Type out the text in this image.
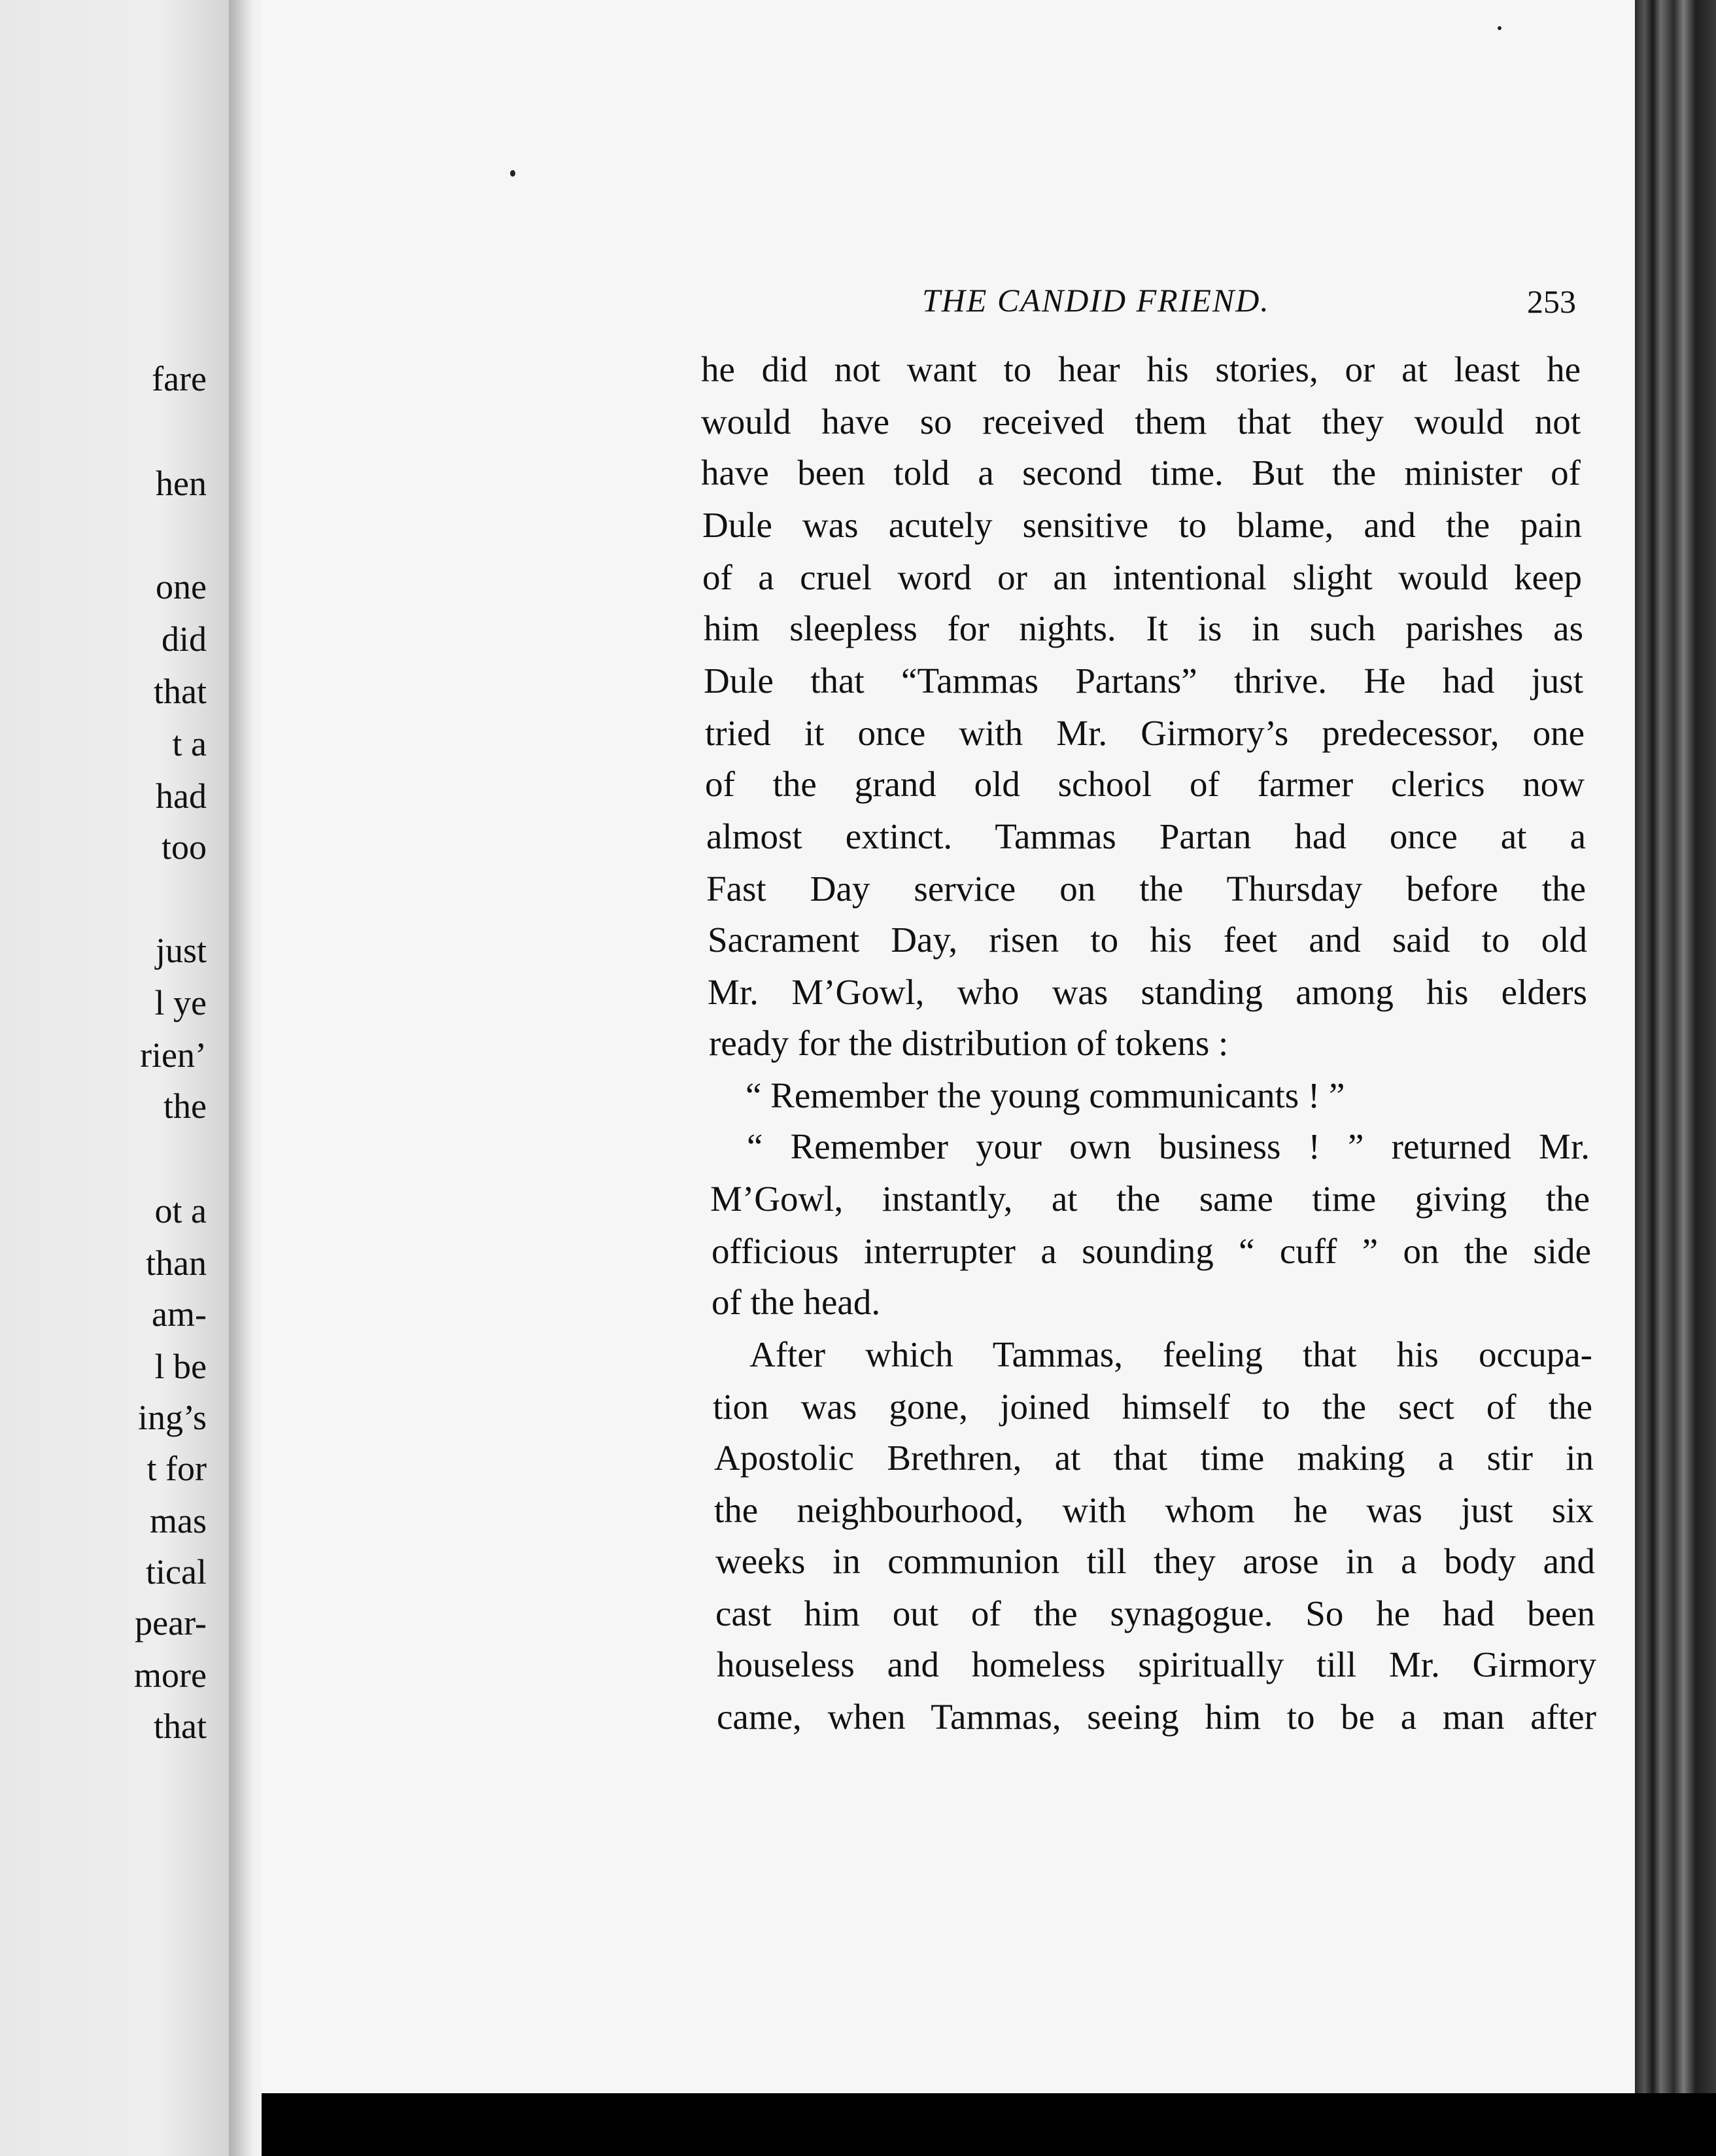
fare
hen
one
did
that
t a
had
too
just
l ye
rien’
the
ot a
than
am-
l be
ing’s
t for
mas
tical
pear-
more
that
THE CANDID FRIEND.	253
he did not want to hear his stories, or at least he
would have so received them that they would not
have been told a second time. But the minister of
Dule was acutely sensitive to blame, and the pain
of a cruel word or an intentional slight would keep
him sleepless for nights. It is in such parishes as
Dule that “Tammas Partans” thrive. He had just
tried it once with Mr. Girmory’s predecessor, one
of the grand old school of farmer clerics now
almost extinct. Tammas Partan had once at a
Fast Day service on the Thursday before the
Sacrament Day, risen to his feet and said to old
Mr. M’Gowl, who was standing among his elders
ready for the distribution of tokens :
“ Remember the young communicants ! ”
“ Remember your own business ! ” returned Mr.
M’Gowl, instantly, at the same time giving the
officious interrupter a sounding “ cuff ” on the side
of the head.
After which Tammas, feeling that his occupa-
tion was gone, joined himself to the sect of the
Apostolic Brethren, at that time making a stir in
the neighbourhood, with whom he was just six
weeks in communion till they arose in a body and
cast him out of the synagogue. So he had been
houseless and homeless spiritually till Mr. Girmory
came, when Tammas, seeing him to be a man after
